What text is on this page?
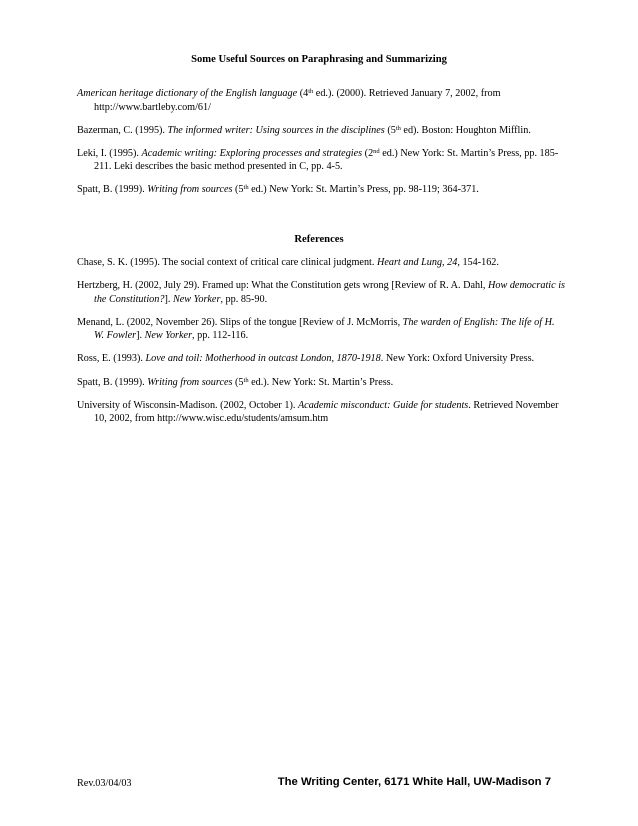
Some Useful Sources on Paraphrasing and Summarizing

American heritage dictionary of the English language (4th ed.). (2000). Retrieved January 7, 2002, from http://www.bartleby.com/61/

Bazerman, C. (1995). The informed writer: Using sources in the disciplines (5th ed). Boston: Houghton Mifflin.

Leki, I. (1995). Academic writing: Exploring processes and strategies (2nd ed.) New York: St. Martin’s Press, pp. 185-211. Leki describes the basic method presented in C, pp. 4-5.

Spatt, B. (1999). Writing from sources (5th ed.) New York: St. Martin’s Press, pp. 98-119; 364-371.

References

Chase, S. K. (1995). The social context of critical care clinical judgment. Heart and Lung, 24, 154-162.

Hertzberg, H. (2002, July 29). Framed up: What the Constitution gets wrong [Review of R. A. Dahl, How democratic is the Constitution?]. New Yorker, pp. 85-90.

Menand, L. (2002, November 26). Slips of the tongue [Review of J. McMorris, The warden of English: The life of H. W. Fowler]. New Yorker, pp. 112-116.

Ross, E. (1993). Love and toil: Motherhood in outcast London, 1870-1918. New York: Oxford University Press.

Spatt, B. (1999). Writing from sources (5th ed.). New York: St. Martin’s Press.

University of Wisconsin-Madison. (2002, October 1). Academic misconduct: Guide for students. Retrieved November 10, 2002, from http://www.wisc.edu/students/amsum.htm

Rev.03/04/03	The Writing Center, 6171 White Hall, UW-Madison 7
